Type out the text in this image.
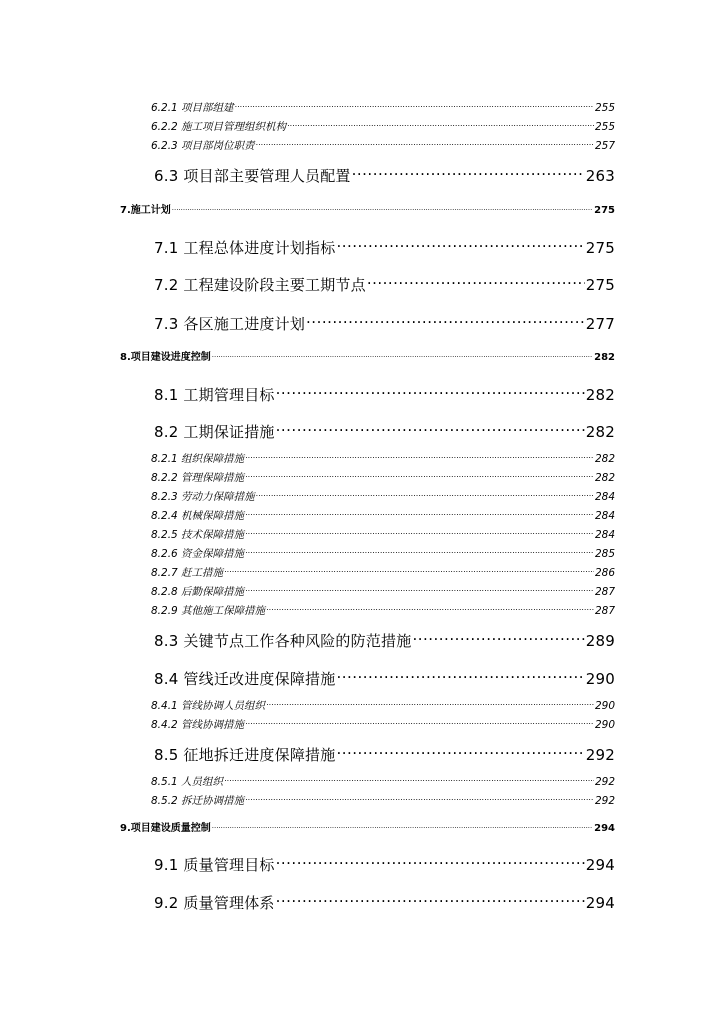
6.2.1 项目部组建 .....	255
6.2.2 施工项目管理组织机构 .....	255
6.2.3 项目部岗位职责 .....	257
6.3 项目部主要管理人员配置 .....	263
7.施工计划 .....	275
7.1 工程总体进度计划指标 .....	275
7.2 工程建设阶段主要工期节点 .....	275
7.3 各区施工进度计划 .....	277
8.项目建设进度控制 .....	282
8.1 工期管理目标 .....	282
8.2 工期保证措施 .....	282
8.2.1 组织保障措施 .....	282
8.2.2 管理保障措施 .....	282
8.2.3 劳动力保障措施 .....	284
8.2.4 机械保障措施 .....	284
8.2.5 技术保障措施 .....	284
8.2.6 资金保障措施 .....	285
8.2.7 赶工措施 .....	286
8.2.8 后勤保障措施 .....	287
8.2.9 其他施工保障措施 .....	287
8.3 关键节点工作各种风险的防范措施 .....	289
8.4 管线迁改进度保障措施 .....	290
8.4.1 管线协调人员组织 .....	290
8.4.2 管线协调措施 .....	290
8.5 征地拆迁进度保障措施 .....	292
8.5.1 人员组织 .....	292
8.5.2 拆迁协调措施 .....	292
9.项目建设质量控制 .....	294
9.1 质量管理目标 .....	294
9.2 质量管理体系 .....	294
